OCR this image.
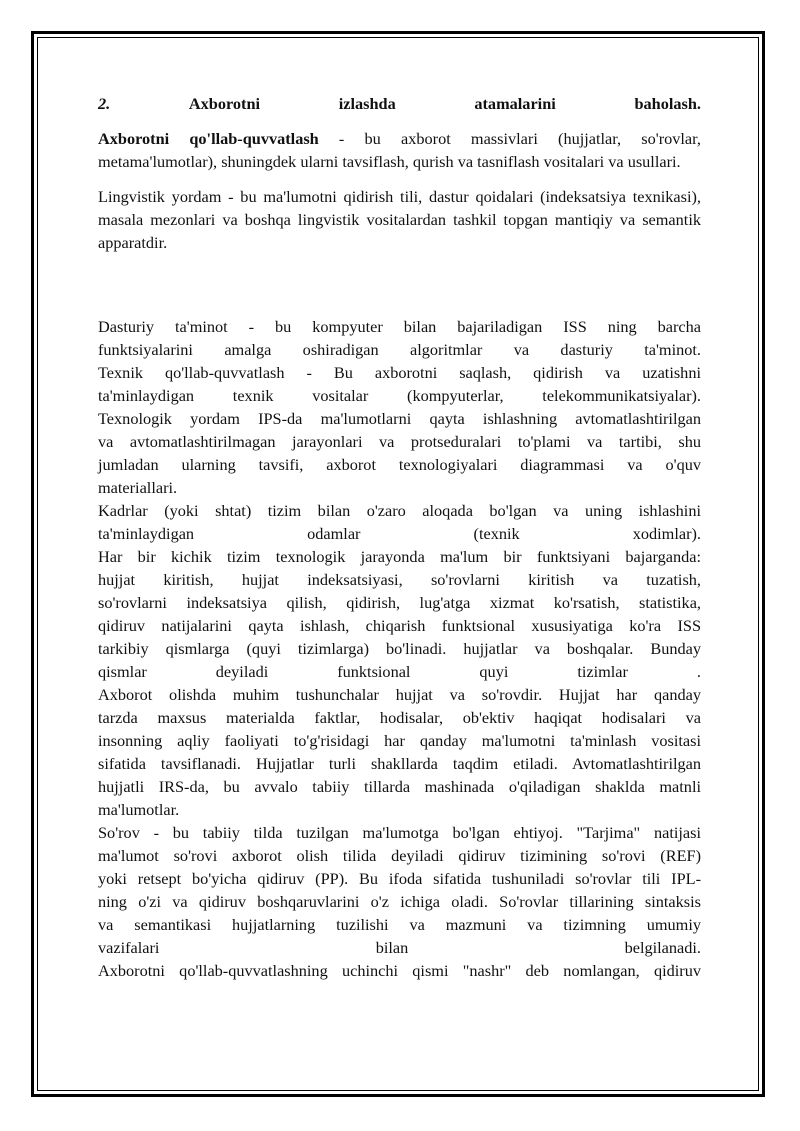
2.	Axborotni	izlashda	atamalarini	baholash.

Axborotni qo'llab-quvvatlash - bu axborot massivlari (hujjatlar, so'rovlar, metama'lumotlar), shuningdek ularni tavsiflash, qurish va tasniflash vositalari va usullari.

Lingvistik yordam - bu ma'lumotni qidirish tili, dastur qoidalari (indeksatsiya texnikasi), masala mezonlari va boshqa lingvistik vositalardan tashkil topgan mantiqiy va semantik apparatdir.

Dasturiy ta'minot - bu kompyuter bilan bajariladigan ISS ning barcha
funktsiyalarini amalga oshiradigan algoritmlar va dasturiy ta'minot.
Texnik qo'llab-quvvatlash - Bu axborotni saqlash, qidirish va uzatishni
ta'minlaydigan texnik vositalar (kompyuterlar, telekommunikatsiyalar).
Texnologik yordam IPS-da ma'lumotlarni qayta ishlashning avtomatlashtirilgan
va avtomatlashtirilmagan jarayonlari va protseduralari to'plami va tartibi, shu
jumladan ularning tavsifi, axborot texnologiyalari diagrammasi va o'quv
materiallari.
Kadrlar (yoki shtat) tizim bilan o'zaro aloqada bo'lgan va uning ishlashini
ta'minlaydigan odamlar (texnik xodimlar).
Har bir kichik tizim texnologik jarayonda ma'lum bir funktsiyani bajarganda:
hujjat kiritish, hujjat indeksatsiyasi, so'rovlarni kiritish va tuzatish,
so'rovlarni indeksatsiya qilish, qidirish, lug'atga xizmat ko'rsatish, statistika,
qidiruv natijalarini qayta ishlash, chiqarish funktsional xususiyatiga ko'ra ISS
tarkibiy qismlarga (quyi tizimlarga) bo'linadi. hujjatlar va boshqalar. Bunday
qismlar deyiladi funktsional quyi tizimlar .
Axborot olishda muhim tushunchalar hujjat va so'rovdir. Hujjat har qanday
tarzda maxsus materialda faktlar, hodisalar, ob'ektiv haqiqat hodisalari va
insonning aqliy faoliyati to'g'risidagi har qanday ma'lumotni ta'minlash vositasi
sifatida tavsiflanadi. Hujjatlar turli shakllarda taqdim etiladi. Avtomatlashtirilgan
hujjatli IRS-da, bu avvalo tabiiy tillarda mashinada o'qiladigan shaklda matnli
ma'lumotlar.
So'rov - bu tabiiy tilda tuzilgan ma'lumotga bo'lgan ehtiyoj. "Tarjima" natijasi
ma'lumot so'rovi axborot olish tilida deyiladi qidiruv tizimining so'rovi (REF)
yoki retsept bo'yicha qidiruv (PP). Bu ifoda sifatida tushuniladi so'rovlar tili IPL-
ning o'zi va qidiruv boshqaruvlarini o'z ichiga oladi. So'rovlar tillarining sintaksis
va semantikasi hujjatlarning tuzilishi va mazmuni va tizimning umumiy
vazifalari bilan belgilanadi.
Axborotni qo'llab-quvvatlashning uchinchi qismi "nashr" deb nomlangan, qidiruv
